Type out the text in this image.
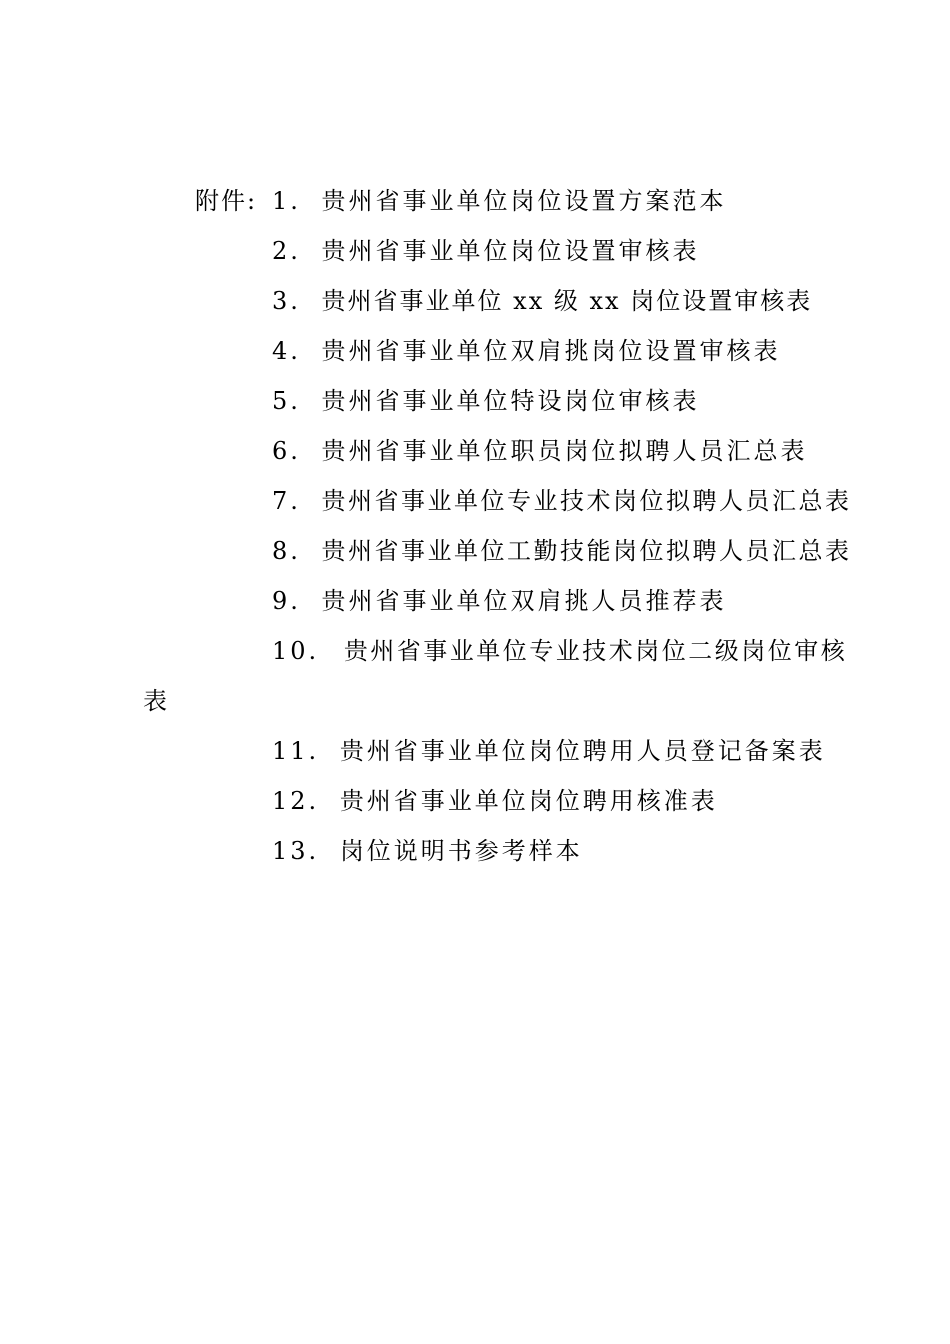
附件: 1. 贵州省事业单位岗位设置方案范本
2. 贵州省事业单位岗位设置审核表
3. 贵州省事业单位 xx 级 xx 岗位设置审核表
4. 贵州省事业单位双肩挑岗位设置审核表
5. 贵州省事业单位特设岗位审核表
6. 贵州省事业单位职员岗位拟聘人员汇总表
7. 贵州省事业单位专业技术岗位拟聘人员汇总表
8. 贵州省事业单位工勤技能岗位拟聘人员汇总表
9. 贵州省事业单位双肩挑人员推荐表
10. 贵州省事业单位专业技术岗位二级岗位审核
表
11. 贵州省事业单位岗位聘用人员登记备案表
12. 贵州省事业单位岗位聘用核准表
13. 岗位说明书参考样本
